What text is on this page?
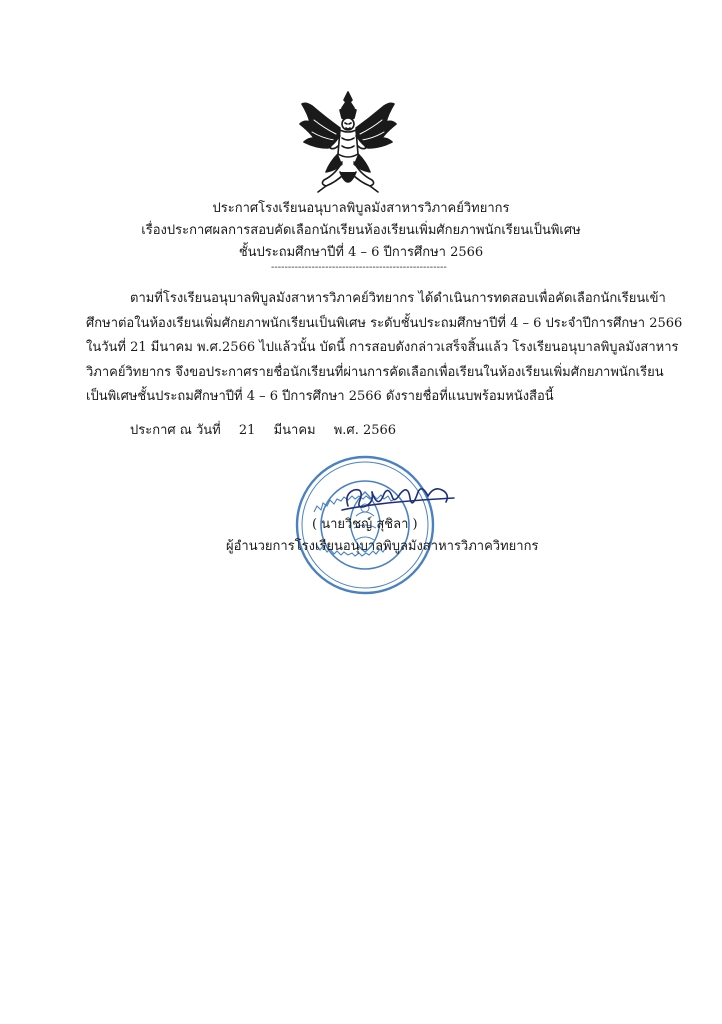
ประกาศโรงเรียนอนุบาลพิบูลมังสาหารวิภาคย์วิทยากร
เรื่องประกาศผลการสอบคัดเลือกนักเรียนห้องเรียนเพิ่มศักยภาพนักเรียนเป็นพิเศษ
ชั้นประถมศึกษาปีที่ 4 – 6 ปีการศึกษา 2566
----------------------------------------------------
ตามที่โรงเรียนอนุบาลพิบูลมังสาหารวิภาคย์วิทยากร ได้ดำเนินการทดสอบเพื่อคัดเลือกนักเรียนเข้า
ศึกษาต่อในห้องเรียนเพิ่มศักยภาพนักเรียนเป็นพิเศษ ระดับชั้นประถมศึกษาปีที่ 4 – 6 ประจำปีการศึกษา 2566
ในวันที่ 21 มีนาคม พ.ศ.2566 ไปแล้วนั้น บัดนี้ การสอบดังกล่าวเสร็จสิ้นแล้ว โรงเรียนอนุบาลพิบูลมังสาหาร
วิภาคย์วิทยากร จึงขอประกาศรายชื่อนักเรียนที่ผ่านการคัดเลือกเพื่อเรียนในห้องเรียนเพิ่มศักยภาพนักเรียน
เป็นพิเศษชั้นประถมศึกษาปีที่ 4 – 6 ปีการศึกษา 2566 ดังรายชื่อที่แนบพร้อมหนังสือนี้
ประกาศ ณ วันที่ 21 มีนาคม พ.ศ. 2566
( นายวิชญ์ สุชิลา )
ผู้อำนวยการโรงเรียนอนุบาลพิบูลมังสาหารวิภาควิทยากร
